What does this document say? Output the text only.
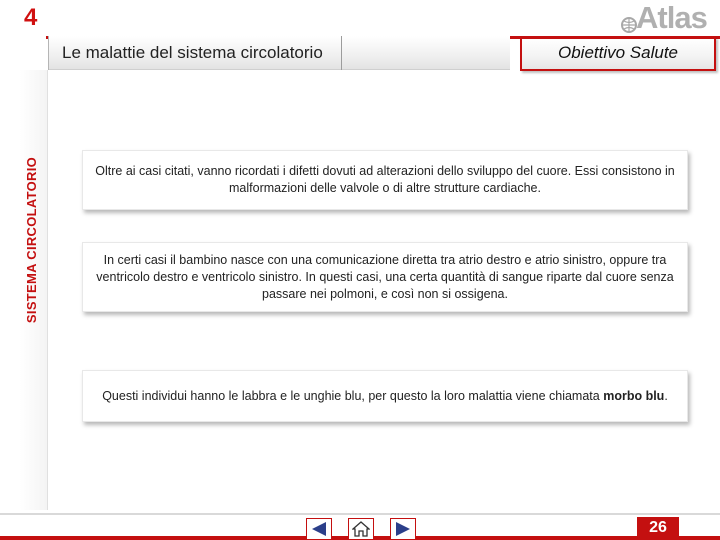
4
Le malattie del sistema circolatorio	Obiettivo Salute
Atlas
SISTEMA CIRCOLATORIO	Oltre ai casi citati, vanno ricordati i difetti dovuti ad alterazioni dello sviluppo del cuore. Essi consistono in malformazioni delle valvole o di altre strutture cardiache.

In certi casi il bambino nasce con una comunicazione diretta tra atrio destro e atrio sinistro, oppure tra ventricolo destro e ventricolo sinistro. In questi casi, una certa quantità di sangue riparte dal cuore senza passare nei polmoni, e così non si ossigena.

Questi individui hanno le labbra e le unghie blu, per questo la loro malattia viene chiamata morbo blu.

26
